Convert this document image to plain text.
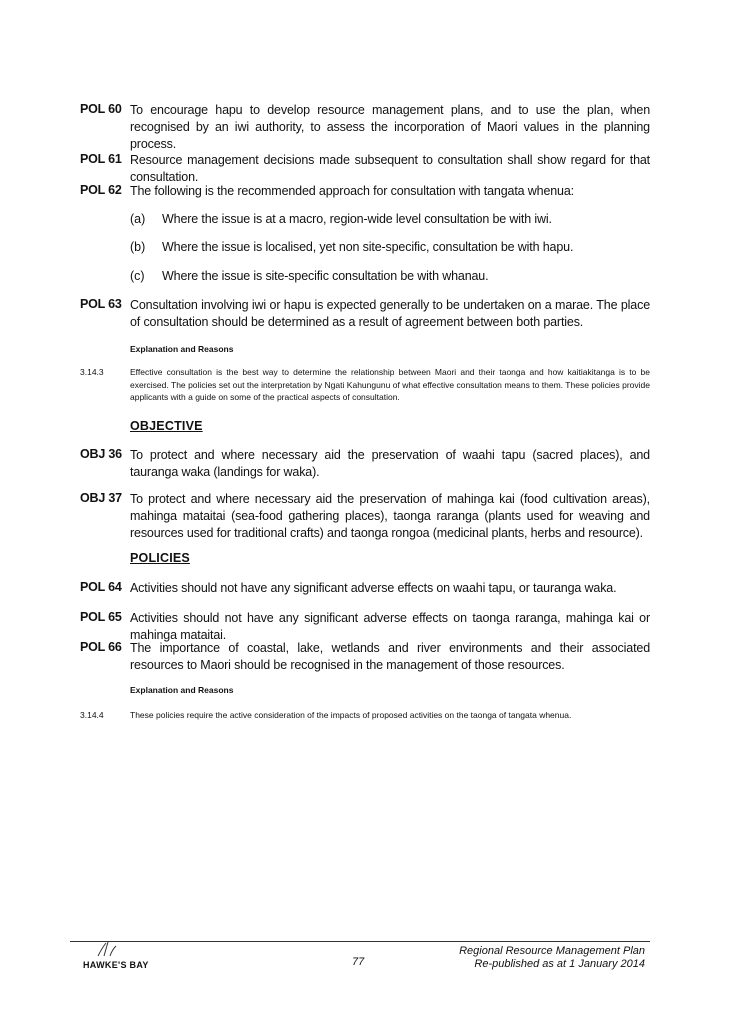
POL 60 To encourage hapu to develop resource management plans, and to use the plan, when recognised by an iwi authority, to assess the incorporation of Maori values in the planning process.
POL 61 Resource management decisions made subsequent to consultation shall show regard for that consultation.
POL 62 The following is the recommended approach for consultation with tangata whenua:
(a) Where the issue is at a macro, region-wide level consultation be with iwi.
(b) Where the issue is localised, yet non site-specific, consultation be with hapu.
(c) Where the issue is site-specific consultation be with whanau.
POL 63 Consultation involving iwi or hapu is expected generally to be undertaken on a marae. The place of consultation should be determined as a result of agreement between both parties.
Explanation and Reasons
3.14.3	Effective consultation is the best way to determine the relationship between Maori and their taonga and how kaitiakitanga is to be exercised. The policies set out the interpretation by Ngati Kahungunu of what effective consultation means to them. These policies provide applicants with a guide on some of the practical aspects of consultation.
OBJECTIVE
OBJ 36 To protect and where necessary aid the preservation of waahi tapu (sacred places), and tauranga waka (landings for waka).
OBJ 37 To protect and where necessary aid the preservation of mahinga kai (food cultivation areas), mahinga mataitai (sea-food gathering places), taonga raranga (plants used for weaving and resources used for traditional crafts) and taonga rongoa (medicinal plants, herbs and resource).
POLICIES
POL 64 Activities should not have any significant adverse effects on waahi tapu, or tauranga waka.
POL 65 Activities should not have any significant adverse effects on taonga raranga, mahinga kai or mahinga mataitai.
POL 66 The importance of coastal, lake, wetlands and river environments and their associated resources to Maori should be recognised in the management of those resources.
Explanation and Reasons
3.14.4	These policies require the active consideration of the impacts of proposed activities on the taonga of tangata whenua.
HAWKE'S BAY	77
Regional Resource Management Plan
Re-published as at 1 January 2014
